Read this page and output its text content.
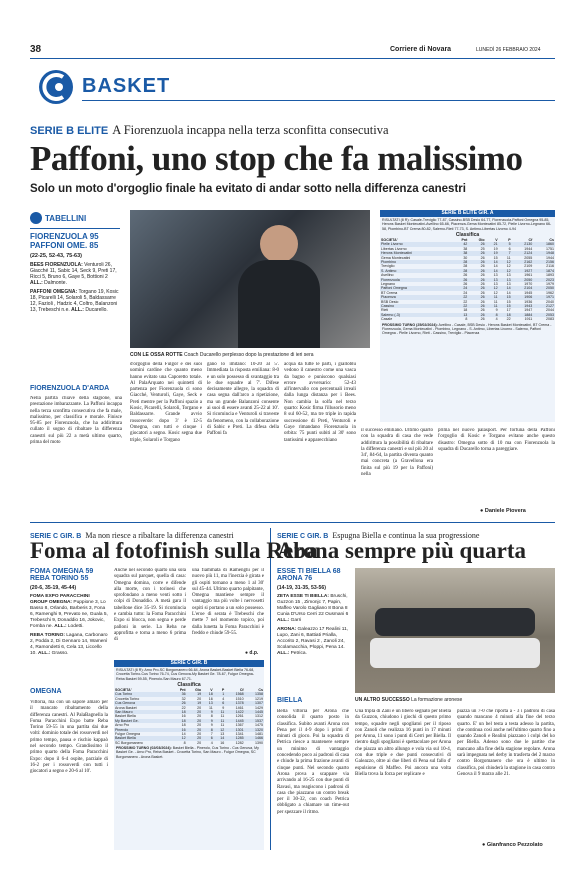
38	Corriere di Novara	LUNEDÌ 26 FEBBRAIO 2024
BASKET
SERIE B ELITE A Fiorenzuola incappa nella terza sconfitta consecutiva
Paffoni, uno stop che fa malissimo
Solo un moto d'orgoglio finale ha evitato di andar sotto nella differenza canestri
TABELLINI
FIORENZUOLA 95
PAFFONI OME. 85
(22-25, 52-43, 75-63)
BEES FIORENZUOLA: Venturoli 26, Giacché 11, Sabic 14, Seck 9, Preti 17, Ricci 5, Bruno 6, Gaye 5, Bottioni 2 ALL.: Dalmonte.
PAFFONI OMEGNA: Torgano 19, Kosic 18, Picarelli 14, Solaroli 5, Baldassarre 12, Fazioli , Hadzic 4, Coltro, Balanzoni 13, Trebeschi n.e. ALL.: Ducarello.
FIORENZUOLA D'ARDA
Nella partita chiave della stagione, una prestazione imbarazzante. La Paffoni incappa nella terza sconfitta consecutiva che fa male, malissimo, per classifica e morale. Finisce 95-85 per Fiorenzuola, che ha addirittura cullato il sogno di ribaltare la differenza canestri sul più 22 a metà ultimo quarto, prima del moto
CON LE OSSA ROTTE Coach Ducarello perplesso dopo la prestazione di ieri sera
d'orgoglio della Fulgor e dei suoi uomini cardine che quanto meno hanno evitato una Caporetto totale. Al PalaArquato nei quintetti di partenza per Fiorenzuola ci sono Giacché, Venturoli, Gaye, Seck e Preti mentre per la Paffoni spazio a Kosic, Picarelli, Solaroli, Torgano e Baldassarre. Grande avvio rossoverde: dopo 3' è 12-5 Omegna, con tutti e cinque i giocatori a segno. Kosic segna due triple, Solaroli e Torgano
gano lo imitano: 10-20 al 5'. Immediata la risposta emiliana: 8-0 e un solo possesso di svantaggio tra le due squadre al 7'. Difese decisamente allegre, la squadra di casa segna dall'arco a ripetizione, ma un grande Balanzoni consente ai suoi di essere avanti 25-22 al 10'. Si ricomincia e Venturoli si traveste da fenomeno, con la collaborazione di Sabic e Preti. La difesa della Paffoni fa
acqua da tutte le parti, i gialloblu vedono il canestro come una vasca da bagno e puniscono qualsiasi errore avversario: 52-43 all'intervallo con percentuali irreali dalla lunga distanza per i Bees. Non cambia la solfa nel terzo quarto: Kosic firma l'illusorio meno 8 sul 60-52, ma tre triple in rapida successione di Preti, Venturoli e Gaye rimandano Fiorenzuola in orbita: 75 punti subiti al 30' sono tantissimi e apparecchiano
il successo emiliano. Ultimo quarto con la squadra di casa che vede addirittura la possibilità di ribaltare la differenza canestri e sul più 20 al 34', 84-64, la partita diventa quanto mai concreta (a Gravellona era finita sul più 19 per la Paffoni) nella
prima nel nuovo palasport. Per fortuna della Paffoni l'orgoglio di Kosic e Torgano evitano anche questo disastro: Omegna sotto di 10 ma con Fiorenzuola la squadra di Ducarello torna a pareggiare.
● Daniele Piovera
SERIE B ELITE GIR. A
RISULTATI (8 R): Casale-Treviglio 77-87, Cassino-BSB Desio 64-77, Fiorenzuola-Paffoni Omegna 95-85, Herons Basket Montecatini-Avellino 65-66, Piacenza-Gema Montecatini 85-72, Pielle Livorno-Legnano 66-58, Piombino-BT Crema 80-82, Salerno-Rieti 77-73, S. Antimo-Libertas Livorno 4-94
Classifica
SOCIETA'	Pnt	Gio	V	P	Cf	Cs
Pielle Livorno	42	26	21	5	2130	1860
Libertas Livorno	38	25	19	6	1944	1751
Herons Montecatini	38	26	19	7	2124	1948
Gema Montecatini	30	26	15	11	2055	1944
Piombino	28	26	14	12	2162	2156
Treviglio	28	26	14	12	2109	2116
S. Antimo	28	26	14	12	1927	1874
Avellino	26	26	13	13	1961	1893
Fiorenzuola	26	26	13	13	2050	2023
Legnano	26	26	13	13	1970	1979
Paffoni Omegna	24	26	12	14	2104	2050
BT Crema	24	26	12	14	1945	1962
Piacenza	22	26	11	15	1906	1971
BSB Desio	22	26	11	15	1936	2040
Cassino	22	26	11	15	1943	2127
Rieti	18	26	9	17	1947	2044
Salerno (-3)	13	26	8	18	1884	2053
Casale	8	26	4	22	1911	2083
PROSSIMO TURNO (25/02/2024): Avellino - Casale, BSB Desio - Herons Basket Montecatini, BT Crema - Fiorenzuola, Gema Montecatini - Piombino, Legnano - S. Antimo, Libertas Livorno - Salerno, Paffoni Omegna - Pielle Livorno, Rieti - Cassino, Treviglio - Piacenza
SERIE C GIR. B Ma non riesce a ribaltare la differenza canestri
Foma al fotofinish sulla Reba
FOMA OMEGNA 59
REBA TORINO 55
(20-6, 35-19, 45-44)
FOMA EXPO PARACCHINI GROUP OMEGNA: Puppione 3, Lo Basso 8, Orlando, Barberis 3, Fona 6, Ramenghi 9, Prevato ne, Guala 5, Trebeschi 9, Donaddio 16, Jokovic, Fomba ne. ALL.: Lodetti.
REBA TORINO: Lagana, Carbonaro 2, Podda 2, Di Gennaro 14, Wamenì 4, Ramondetti 6, Cela 13, Liccello 10. ALL.: Grasso.
OMEGNA
Vittoria, ma con un sapore amaro per il mancato ribaltamento della differenza canestri. Al PalaBagnella la Foma Paracchini Expo batte Reba Torino 59-55 in una partita dai due volti: dominio totale dei rossoverdi nel primo tempo, pausa e rischio kappaò nel secondo tempo. Grandissimo il primo quarto della Foma Paracchini Expo: dopo il 6-4 ospite, parziale di 16-2 per i rossoverdi con tutti i giocatori a segno e 20-6 al 10'.
Anche nel secondo quarto una sola squadra sul parquet, quella di casa: Omegna domina, corre e difende alla morte, con i torinesi che sprofondano a meno venti sotto i colpi di Donaddio. A metà gara il tabellone dice 35-19. Si ricomincia e cambia tutto: la Foma Paracchini Expo si blocca, non segna e perde palloni in serie. La Reba ne approfitta e torna a meno 6 prima di
una fiammata di Ramenghi per il nuovo più 11, ma l'inerzia è girata e gli ospiti tornano a meno 1 al 30' sul 45-44. Ultimo quarto palpitante, Omegna mantiene sempre il vantaggio ma più volte i nervosetti ospiti si portano a un solo possesso. L'eroe di serata è Trebeschi che mette 7 nel momento topico, poi dalla lunetta la Foma Paracchini è freddo e chiude 59-55.
● d.p.
SERIE C GIR. B
RISULTATI (8 R): Arno Pro-SC Borgomanero 66-64, Arona Basket-Basket Biella 76-68, Crocetta Torino-Cus Torino 76-74, Cus Genova-My Basket Ge. 78-67, Fulgor Omegna-Reba Basket 59-55, Pinerolo-San Mauro 67-71.
Classifica
SOCIETA'	Pnt	Gio	V	P	Cf	Cs
Cus Torino	36	19	18	1	1568	1358
Crocetta Torino	32	20	16	4	1510	1219
Cus Genova	26	19	13	6	1378	1307
Arona Basket	22	20	11	9	1461	1429
San Mauro	18	20	9	11	1422	1445
Basket Biella	16	20	8	11	1261	1312
My Basket Ge.	18	20	9	11	1445	1537
Arno Pro	18	20	9	11	1367	1475
Pinerolo	16	20	8	12	1301	1320
Fulgor Omegna	14	20	7	13	1341	1481
Basket Biella	12	20	6	14	1285	1466
SC Borgomanero	8	20	4	16	1282	1390
PROSSIMO TURNO (02/03/2024): Basket Biella - Pinerolo, Cus Torino - Cus Genova, My Basket Ge. - Arno Pro, Reba Basket - Crocetta Torino, San Mauro - Fulgor Omegna, SC Borgomanero - Arona Basket.
SERIE C GIR. B Espugna Biella e continua la sua progressione
Arona sempre più quarta
ESSE TI BIELLA 68
ARONA 76
(14-19, 31-35, 53-56)
ZETA ESSE TI BIELLA: Bruschi, Guzzon 15 , Zimonjc 7, Papin, Maffeo Varolo Gagliano 8 Bona 8 Cunia D'Urso Cerri 22 Ousmani 6 ALL.: Garri
ARONA: Galeazzo 17 Realini 11, Lupo, Zani 6, Battiati Prialla, Accorito 2, Ravasi 2 , Zanoli 24, Scolamacchia, Ploppi, Pena 14. ALL.: Petrica.
BIELLA
Bella vittoria per Arona che consolida il quarto posto in classifica. Subito avanti Arona con Pena per il 4-9 dopo i primi 4' minuti di gioco. Poi la squadra di Petrica riesce a mantenere sempre un minimo di vantaggio concedendo poco ai padroni di casa e chiude la prima frazione avanti di cinque punti. Nel secondo quarto Arona prova a scappare via arrivando al 16-25 con due punti di Ravasi, ma reagiscono i padroni di casa che piazzano un contro break per il 30-32, con coach Petrica obbligato a chiamare un time-out per spezzare il ritmo.
UN ALTRO SUCCESSO La formazione aronese
Una tripla di Zani e un libero segnato per Biella da Guzzon, chiudono i giochi di questo primo tempo, squadre negli spogliatoi per il riposo con Zanoli che realizza 16 punti in 17 minuti per Arona, 11 sono i punti di Cerri per Biella. Il rientro dagli spogliatoi è spettacolare per Arona che piazza un altro allungo e vola via sul 10-4, con due triple e due punti consecutivi di Galeazzo, oltre ai due liberi di Pena sul fallo d' espulsione di Maffeo. Poi ancora una volta Biella trova la forza per replicare e
piazza un 7-0 che riporta a - 3 i padroni di casa quando mancano 4 minuti alla fine del terzo quarto. E' un bel testa a testa adesso la partita, che continua così anche nell'ultimo quarto fino a quando Zanoli e Realini piazzano i colpi del ko per Biella. Adesso sono due le partite che mancano alla fine della stagione regolare. Arona sarà impegnata nel derby in trasferta del 2 marzo contro Borgomanero che ora è ultimo in classifica, poi chiuderà la stagione in casa contro Genova il 9 marzo alle 21.
● Gianfranco Pezzolato
